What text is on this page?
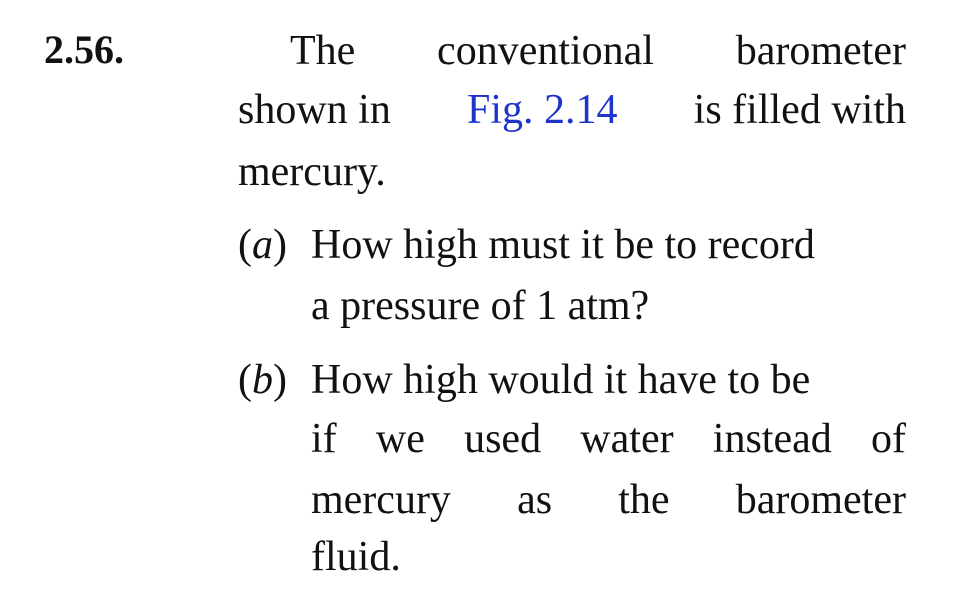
2.56.	The conventional barometer
shown in Fig. 2.14 is filled with
mercury.
(a) How high must it be to record
a pressure of 1 atm?
(b) How high would it have to be
if we used water instead of
mercury as the barometer
fluid.
